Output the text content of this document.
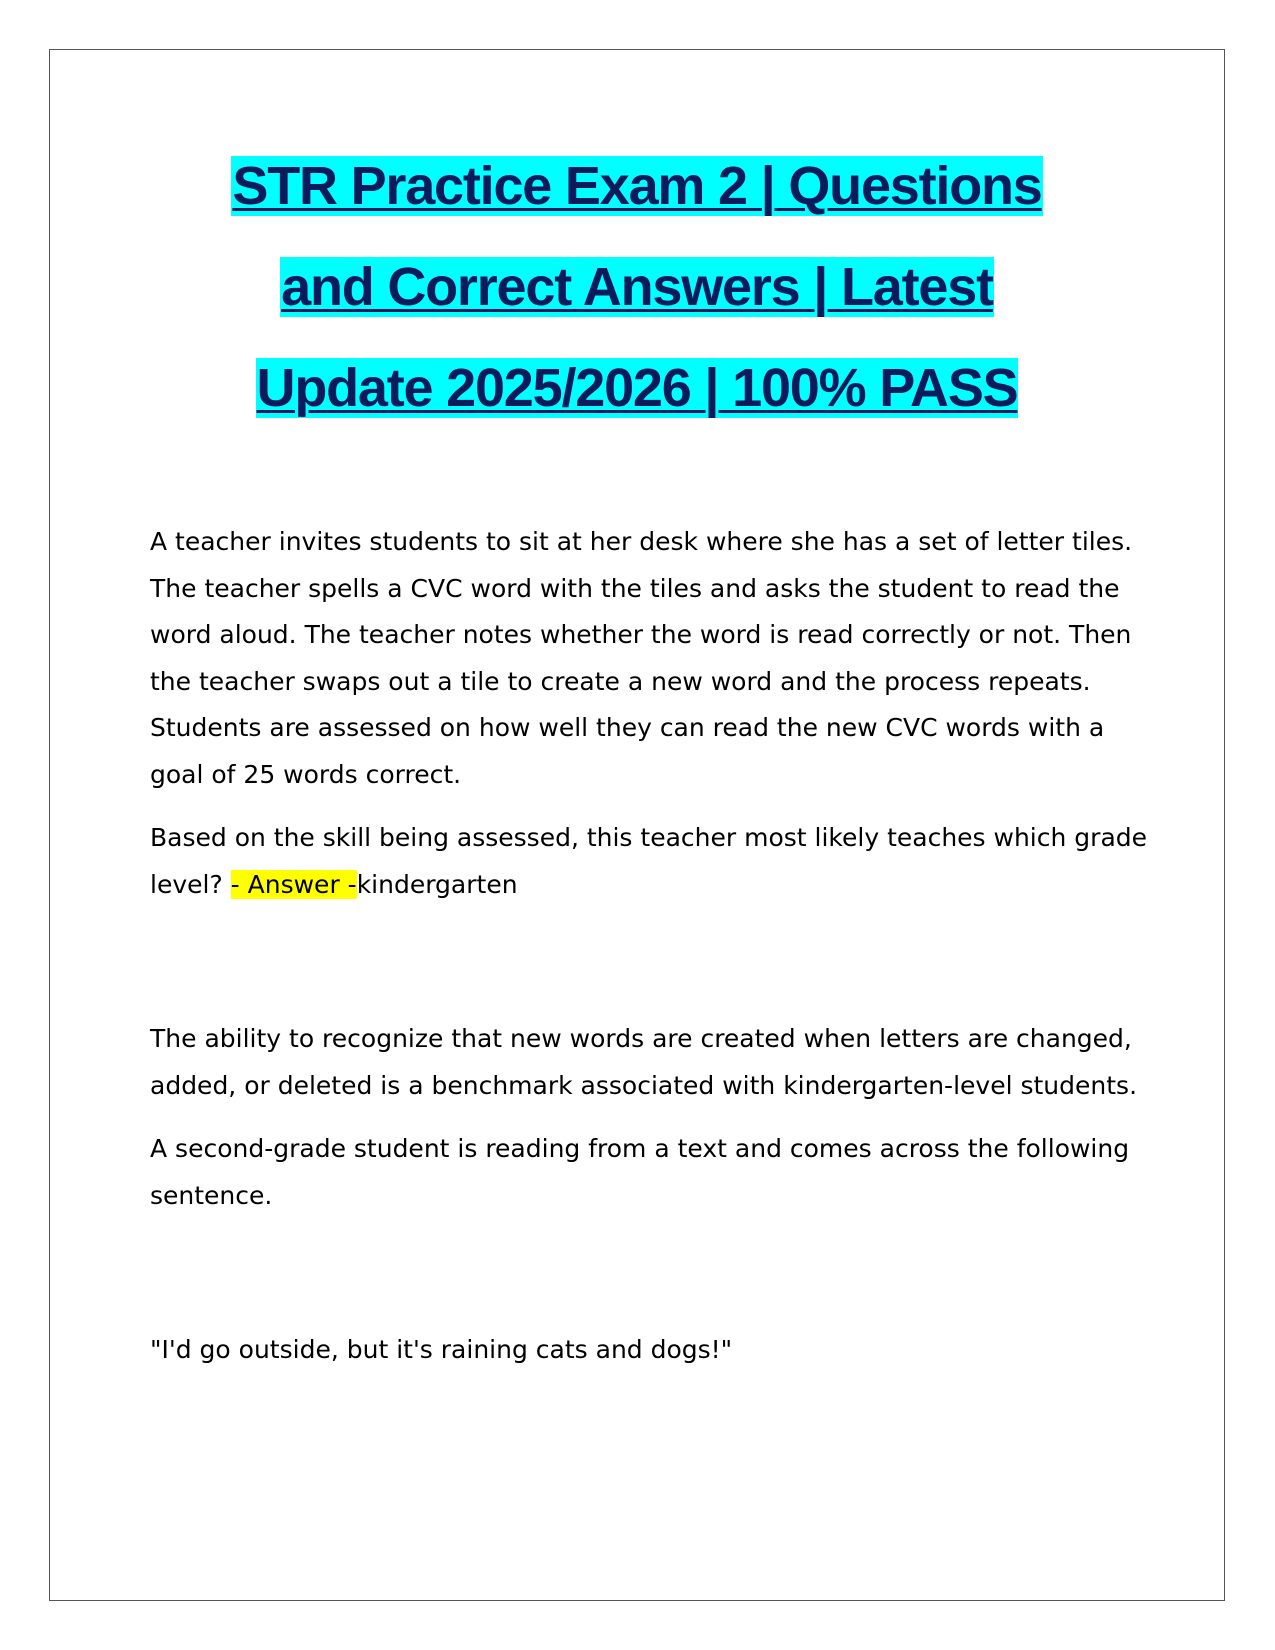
STR Practice Exam 2 | Questions
and Correct Answers | Latest
Update 2025/2026 | 100% PASS

A teacher invites students to sit at her desk where she has a set of letter tiles. The teacher spells a CVC word with the tiles and asks the student to read the word aloud. The teacher notes whether the word is read correctly or not. Then the teacher swaps out a tile to create a new word and the process repeats. Students are assessed on how well they can read the new CVC words with a goal of 25 words correct.

Based on the skill being assessed, this teacher most likely teaches which grade level? - Answer -kindergarten

The ability to recognize that new words are created when letters are changed, added, or deleted is a benchmark associated with kindergarten-level students.

A second-grade student is reading from a text and comes across the following sentence.

"I'd go outside, but it's raining cats and dogs!"
